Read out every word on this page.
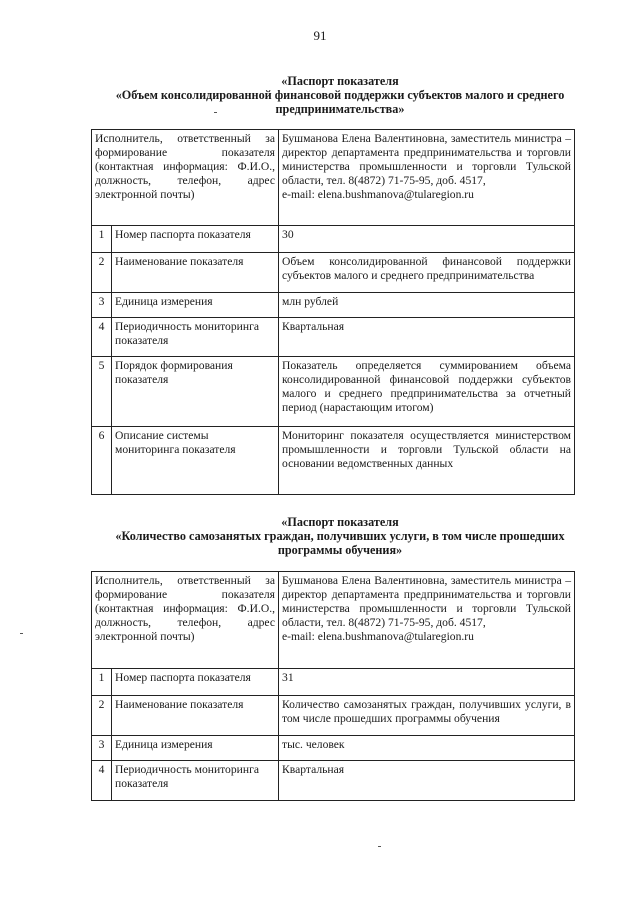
91
«Паспорт показателя
«Объем консолидированной финансовой поддержки субъектов малого и среднего
предпринимательства»
Исполнитель, ответственный за формирование показателя (контактная информация: Ф.И.О., должность, телефон, адрес электронной почты)		Бушманова Елена Валентиновна, заместитель министра – директор департамента предпринимательства и торговли министерства промышленности и торговли Тульской области, тел. 8(4872) 71-75-95, доб. 4517,
e-mail: elena.bushmanova@tularegion.ru

1	Номер паспорта показателя	30
2	Наименование показателя	Объем консолидированной финансовой поддержки субъектов малого и среднего предпринимательства
3	Единица измерения	млн рублей
4	Периодичность мониторинга показателя	Квартальная
5	Порядок формирования показателя	Показатель определяется суммированием объема консолидированной финансовой поддержки субъектов малого и среднего предпринимательства за отчетный период (нарастающим итогом)
6	Описание системы мониторинга показателя	Мониторинг показателя осуществляется министерством промышленности и торговли Тульской области на основании ведомственных данных
«Паспорт показателя
«Количество самозанятых граждан, получивших услуги, в том числе прошедших
программы обучения»
Исполнитель, ответственный за формирование показателя (контактная информация: Ф.И.О., должность, телефон, адрес электронной почты)		Бушманова Елена Валентиновна, заместитель министра – директор департамента предпринимательства и торговли министерства промышленности и торговли Тульской области, тел. 8(4872) 71-75-95, доб. 4517,
e-mail: elena.bushmanova@tularegion.ru

1	Номер паспорта показателя	31
2	Наименование показателя	Количество самозанятых граждан, получивших услуги, в том числе прошедших программы обучения
3	Единица измерения	тыс. человек
4	Периодичность мониторинга показателя	Квартальная
